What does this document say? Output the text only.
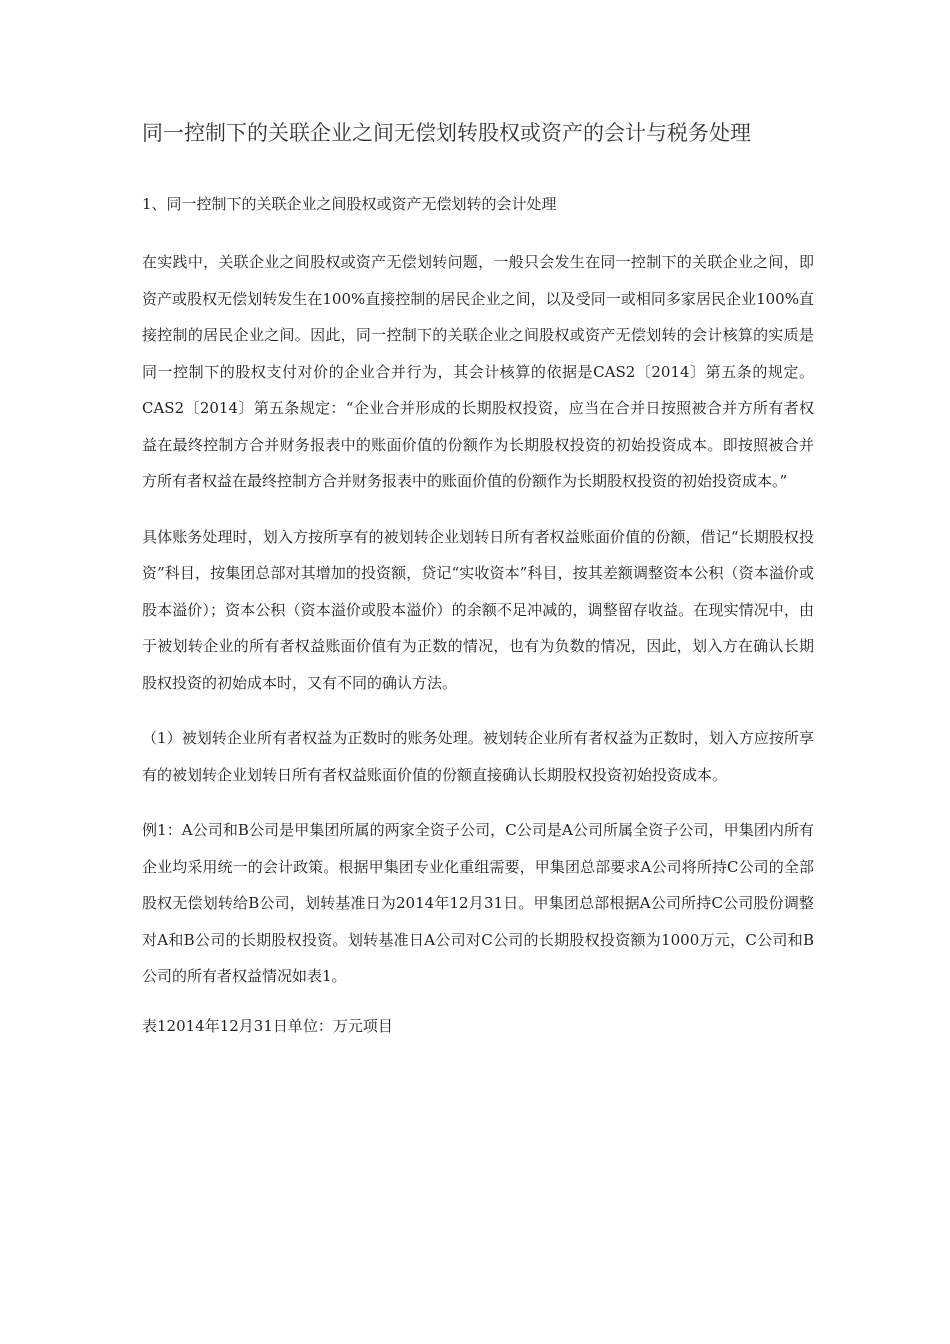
同一控制下的关联企业之间无偿划转股权或资产的会计与税务处理

1、同一控制下的关联企业之间股权或资产无偿划转的会计处理

在实践中，关联企业之间股权或资产无偿划转问题，一般只会发生在同一控制下的关联企业之间，即资产或股权无偿划转发生在100%直接控制的居民企业之间，以及受同一或相同多家居民企业100%直接控制的居民企业之间。因此，同一控制下的关联企业之间股权或资产无偿划转的会计核算的实质是同一控制下的股权支付对价的企业合并行为，其会计核算的依据是CAS2〔2014〕第五条的规定。CAS2〔2014〕第五条规定：“企业合并形成的长期股权投资，应当在合并日按照被合并方所有者权益在最终控制方合并财务报表中的账面价值的份额作为长期股权投资的初始投资成本。即按照被合并方所有者权益在最终控制方合并财务报表中的账面价值的份额作为长期股权投资的初始投资成本。”

具体账务处理时，划入方按所享有的被划转企业划转日所有者权益账面价值的份额，借记“长期股权投资”科目，按集团总部对其增加的投资额，贷记“实收资本”科目，按其差额调整资本公积（资本溢价或股本溢价）；资本公积（资本溢价或股本溢价）的余额不足冲减的，调整留存收益。在现实情况中，由于被划转企业的所有者权益账面价值有为正数的情况，也有为负数的情况，因此，划入方在确认长期股权投资的初始成本时，又有不同的确认方法。

（1）被划转企业所有者权益为正数时的账务处理。被划转企业所有者权益为正数时，划入方应按所享有的被划转企业划转日所有者权益账面价值的份额直接确认长期股权投资初始投资成本。

例1：A公司和B公司是甲集团所属的两家全资子公司，C公司是A公司所属全资子公司，甲集团内所有企业均采用统一的会计政策。根据甲集团专业化重组需要，甲集团总部要求A公司将所持C公司的全部股权无偿划转给B公司，划转基准日为2014年12月31日。甲集团总部根据A公司所持C公司股份调整对A和B公司的长期股权投资。划转基准日A公司对C公司的长期股权投资额为1000万元，C公司和B公司的所有者权益情况如表1。

表12014年12月31日单位：万元项目
